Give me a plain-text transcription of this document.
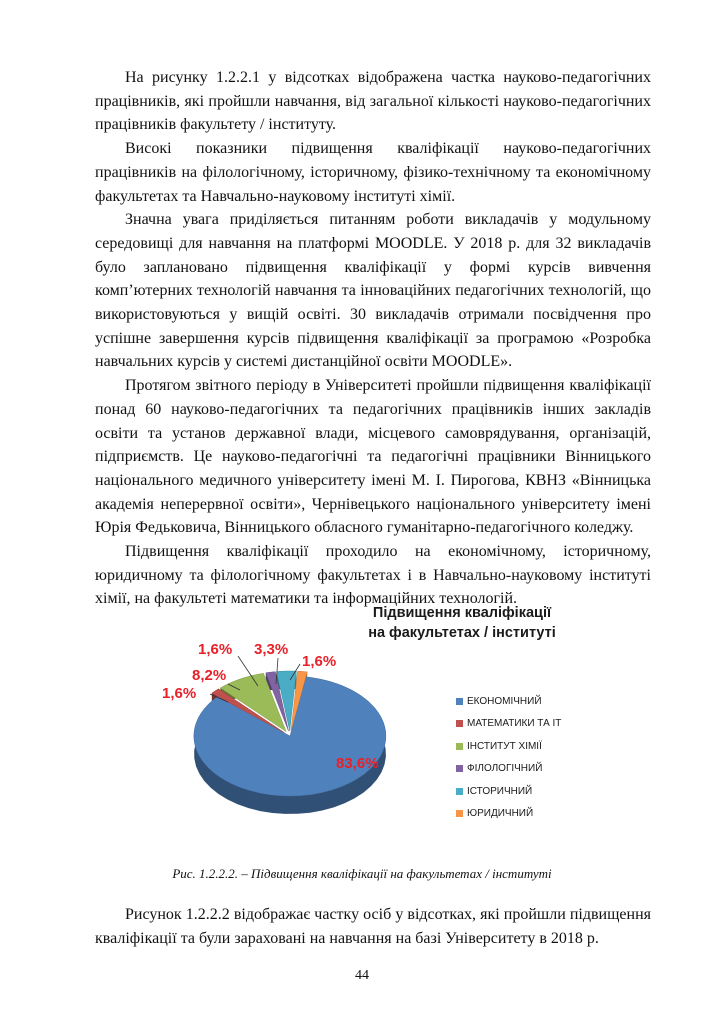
На рисунку 1.2.2.1 у відсотках відображена частка науково-педагогічних працівників, які пройшли навчання, від загальної кількості науково-педагогічних працівників факультету / інституту.

Високі показники підвищення кваліфікації науково-педагогічних працівників на філологічному, історичному, фізико-технічному та економічному факультетах та Навчально-науковому інституті хімії.

Значна увага приділяється питанням роботи викладачів у модульному середовищі для навчання на платформі MOODLE. У 2018 р. для 32 викладачів було заплановано підвищення кваліфікації у формі курсів вивчення комп’ютерних технологій навчання та інноваційних педагогічних технологій, що використовуються у вищій освіті. 30 викладачів отримали посвідчення про успішне завершення курсів підвищення кваліфікації за програмою «Розробка навчальних курсів у системі дистанційної освіти MOODLE».

Протягом звітного періоду в Університеті пройшли підвищення кваліфікації понад 60 науково-педагогічних та педагогічних працівників інших закладів освіти та установ державної влади, місцевого самоврядування, організацій, підприємств. Це науково-педагогічні та педагогічні працівники Вінницького національного медичного університету імені М. І. Пирогова, КВНЗ «Вінницька академія неперервної освіти», Чернівецького національного університету імені Юрія Федьковича, Вінницького обласного гуманітарно-педагогічного коледжу.

Підвищення кваліфікації проходило на економічному, історичному, юридичному та філологічному факультетах і в Навчально-науковому інституті хімії, на факультеті математики та інформаційних технологій.

Підвищення кваліфікації
на факультетах / інституті
83,6%
1,6%
8,2%
1,6% 3,3%
1,6%
ЕКОНОМІЧНИЙ
МАТЕМАТИКИ ТА ІТ
ІНСТИТУТ ХІМІЇ
ФІЛОЛОГІЧНИЙ
ІСТОРИЧНИЙ
ЮРИДИЧНИЙ
Рис. 1.2.2.2. – Підвищення кваліфікації на факультетах / інституті

Рисунок 1.2.2.2 відображає частку осіб у відсотках, які пройшли підвищення кваліфікації та були зараховані на навчання на базі Університету в 2018 р.

44
